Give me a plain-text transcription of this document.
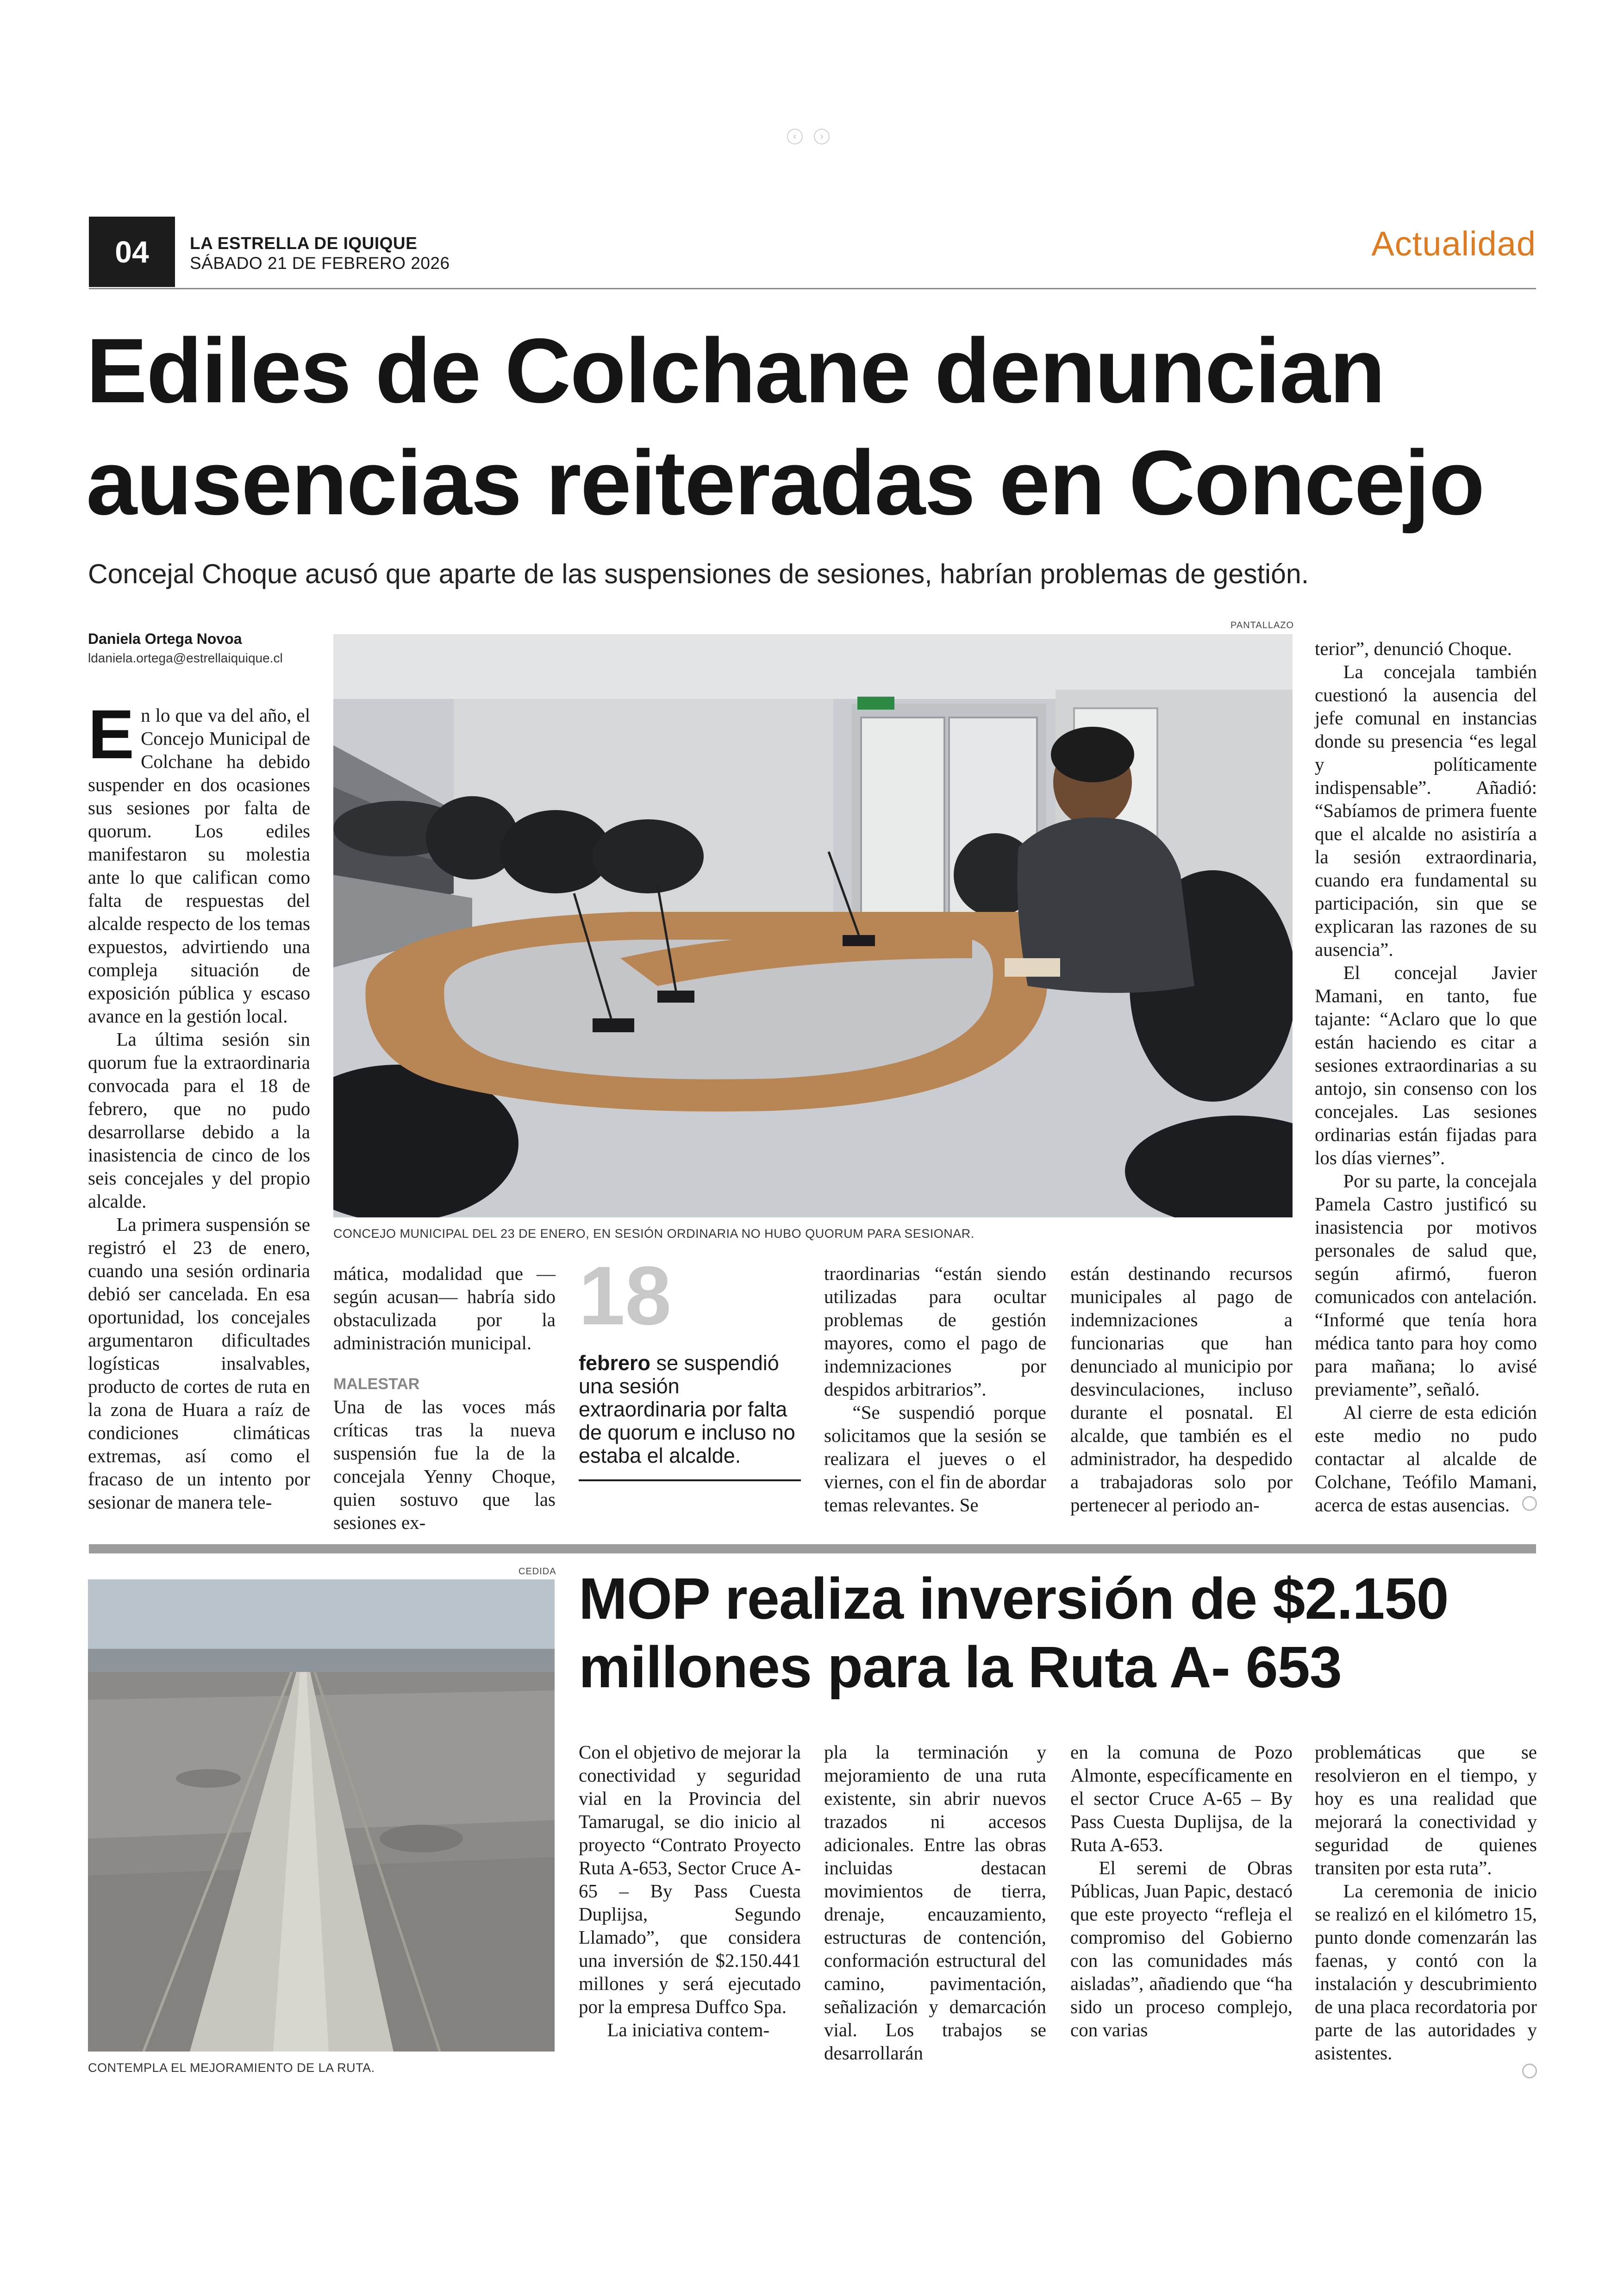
‹	›
04	LA ESTRELLA DE IQUIQUE
SÁBADO 21 DE FEBRERO 2026
Actualidad
Ediles de Colchane denuncian
ausencias reiteradas en Concejo
Concejal Choque acusó que aparte de las suspensiones de sesiones, habrían problemas de gestión.
Daniela Ortega Novoa
ldaniela.ortega@estrellaiquique.cl
PANTALLAZO
CONCEJO MUNICIPAL DEL 23 DE ENERO, EN SESIÓN ORDINARIA NO HUBO QUORUM PARA SESIONAR.

En lo que va del año, el Concejo Municipal de Colchane ha debido suspender en dos ocasiones sus sesiones por falta de quorum. Los ediles manifestaron su molestia ante lo que califican como falta de respuestas del alcalde respecto de los temas expuestos, advirtiendo una compleja situación de exposición pública y escaso avance en la gestión local.

La última sesión sin quorum fue la extraordinaria convocada para el 18 de febrero, que no pudo desarrollarse debido a la inasistencia de cinco de los seis concejales y del propio alcalde.

La primera suspensión se registró el 23 de enero, cuando una sesión ordinaria debió ser cancelada. En esa oportunidad, los concejales argumentaron dificultades logísticas insalvables, producto de cortes de ruta en la zona de Huara a raíz de condiciones climáticas extremas, así como el fracaso de un intento por sesionar de manera tele-

mática, modalidad que —según acusan— habría sido obstaculizada por la administración municipal.

MALESTAR

Una de las voces más críticas tras la nueva suspensión fue la de la concejala Yenny Choque, quien sostuvo que las sesiones ex-

18
febrero se suspendió una sesión extraordinaria por falta de quorum e incluso no estaba el alcalde.

traordinarias “están siendo utilizadas para ocultar problemas de gestión mayores, como el pago de indemnizaciones por despidos arbitrarios”.

“Se suspendió porque solicitamos que la sesión se realizara el jueves o el viernes, con el fin de abordar temas relevantes. Se

están destinando recursos municipales al pago de indemnizaciones a funcionarias que han denunciado al municipio por desvinculaciones, incluso durante el posnatal. El alcalde, que también es el administrador, ha despedido a trabajadoras solo por pertenecer al periodo an-

terior”, denunció Choque.

La concejala también cuestionó la ausencia del jefe comunal en instancias donde su presencia “es legal y políticamente indispensable”. Añadió: “Sabíamos de primera fuente que el alcalde no asistiría a la sesión extraordinaria, cuando era fundamental su participación, sin que se explicaran las razones de su ausencia”.

El concejal Javier Mamani, en tanto, fue tajante: “Aclaro que lo que están haciendo es citar a sesiones extraordinarias a su antojo, sin consenso con los concejales. Las sesiones ordinarias están fijadas para los días viernes”.

Por su parte, la concejala Pamela Castro justificó su inasistencia por motivos personales de salud que, según afirmó, fueron comunicados con antelación. “Informé que tenía hora médica tanto para hoy como para mañana; lo avisé previamente”, señaló.

Al cierre de esta edición este medio no pudo contactar al alcalde de Colchane, Teófilo Mamani, acerca de estas ausencias.

CEDIDA
CONTEMPLA EL MEJORAMIENTO DE LA RUTA.
MOP realiza inversión de $2.150
millones para la Ruta A- 653

Con el objetivo de mejorar la conectividad y seguridad vial en la Provincia del Tamarugal, se dio inicio al proyecto “Contrato Proyecto Ruta A-653, Sector Cruce A-65 – By Pass Cuesta Duplijsa, Segundo Llamado”, que considera una inversión de $2.150.441 millones y será ejecutado por la empresa Duffco Spa.

La iniciativa contem-

pla la terminación y mejoramiento de una ruta existente, sin abrir nuevos trazados ni accesos adicionales. Entre las obras incluidas destacan movimientos de tierra, drenaje, encauzamiento, estructuras de contención, conformación estructural del camino, pavimentación, señalización y demarcación vial. Los trabajos se desarrollarán

en la comuna de Pozo Almonte, específicamente en el sector Cruce A-65 – By Pass Cuesta Duplijsa, de la Ruta A-653.

El seremi de Obras Públicas, Juan Papic, destacó que este proyecto “refleja el compromiso del Gobierno con las comunidades más aisladas”, añadiendo que “ha sido un proceso complejo, con varias

problemáticas que se resolvieron en el tiempo, y hoy es una realidad que mejorará la conectividad y seguridad de quienes transiten por esta ruta”.

La ceremonia de inicio se realizó en el kilómetro 15, punto donde comenzarán las faenas, y contó con la instalación y descubrimiento de una placa recordatoria por parte de las autoridades y asistentes.
